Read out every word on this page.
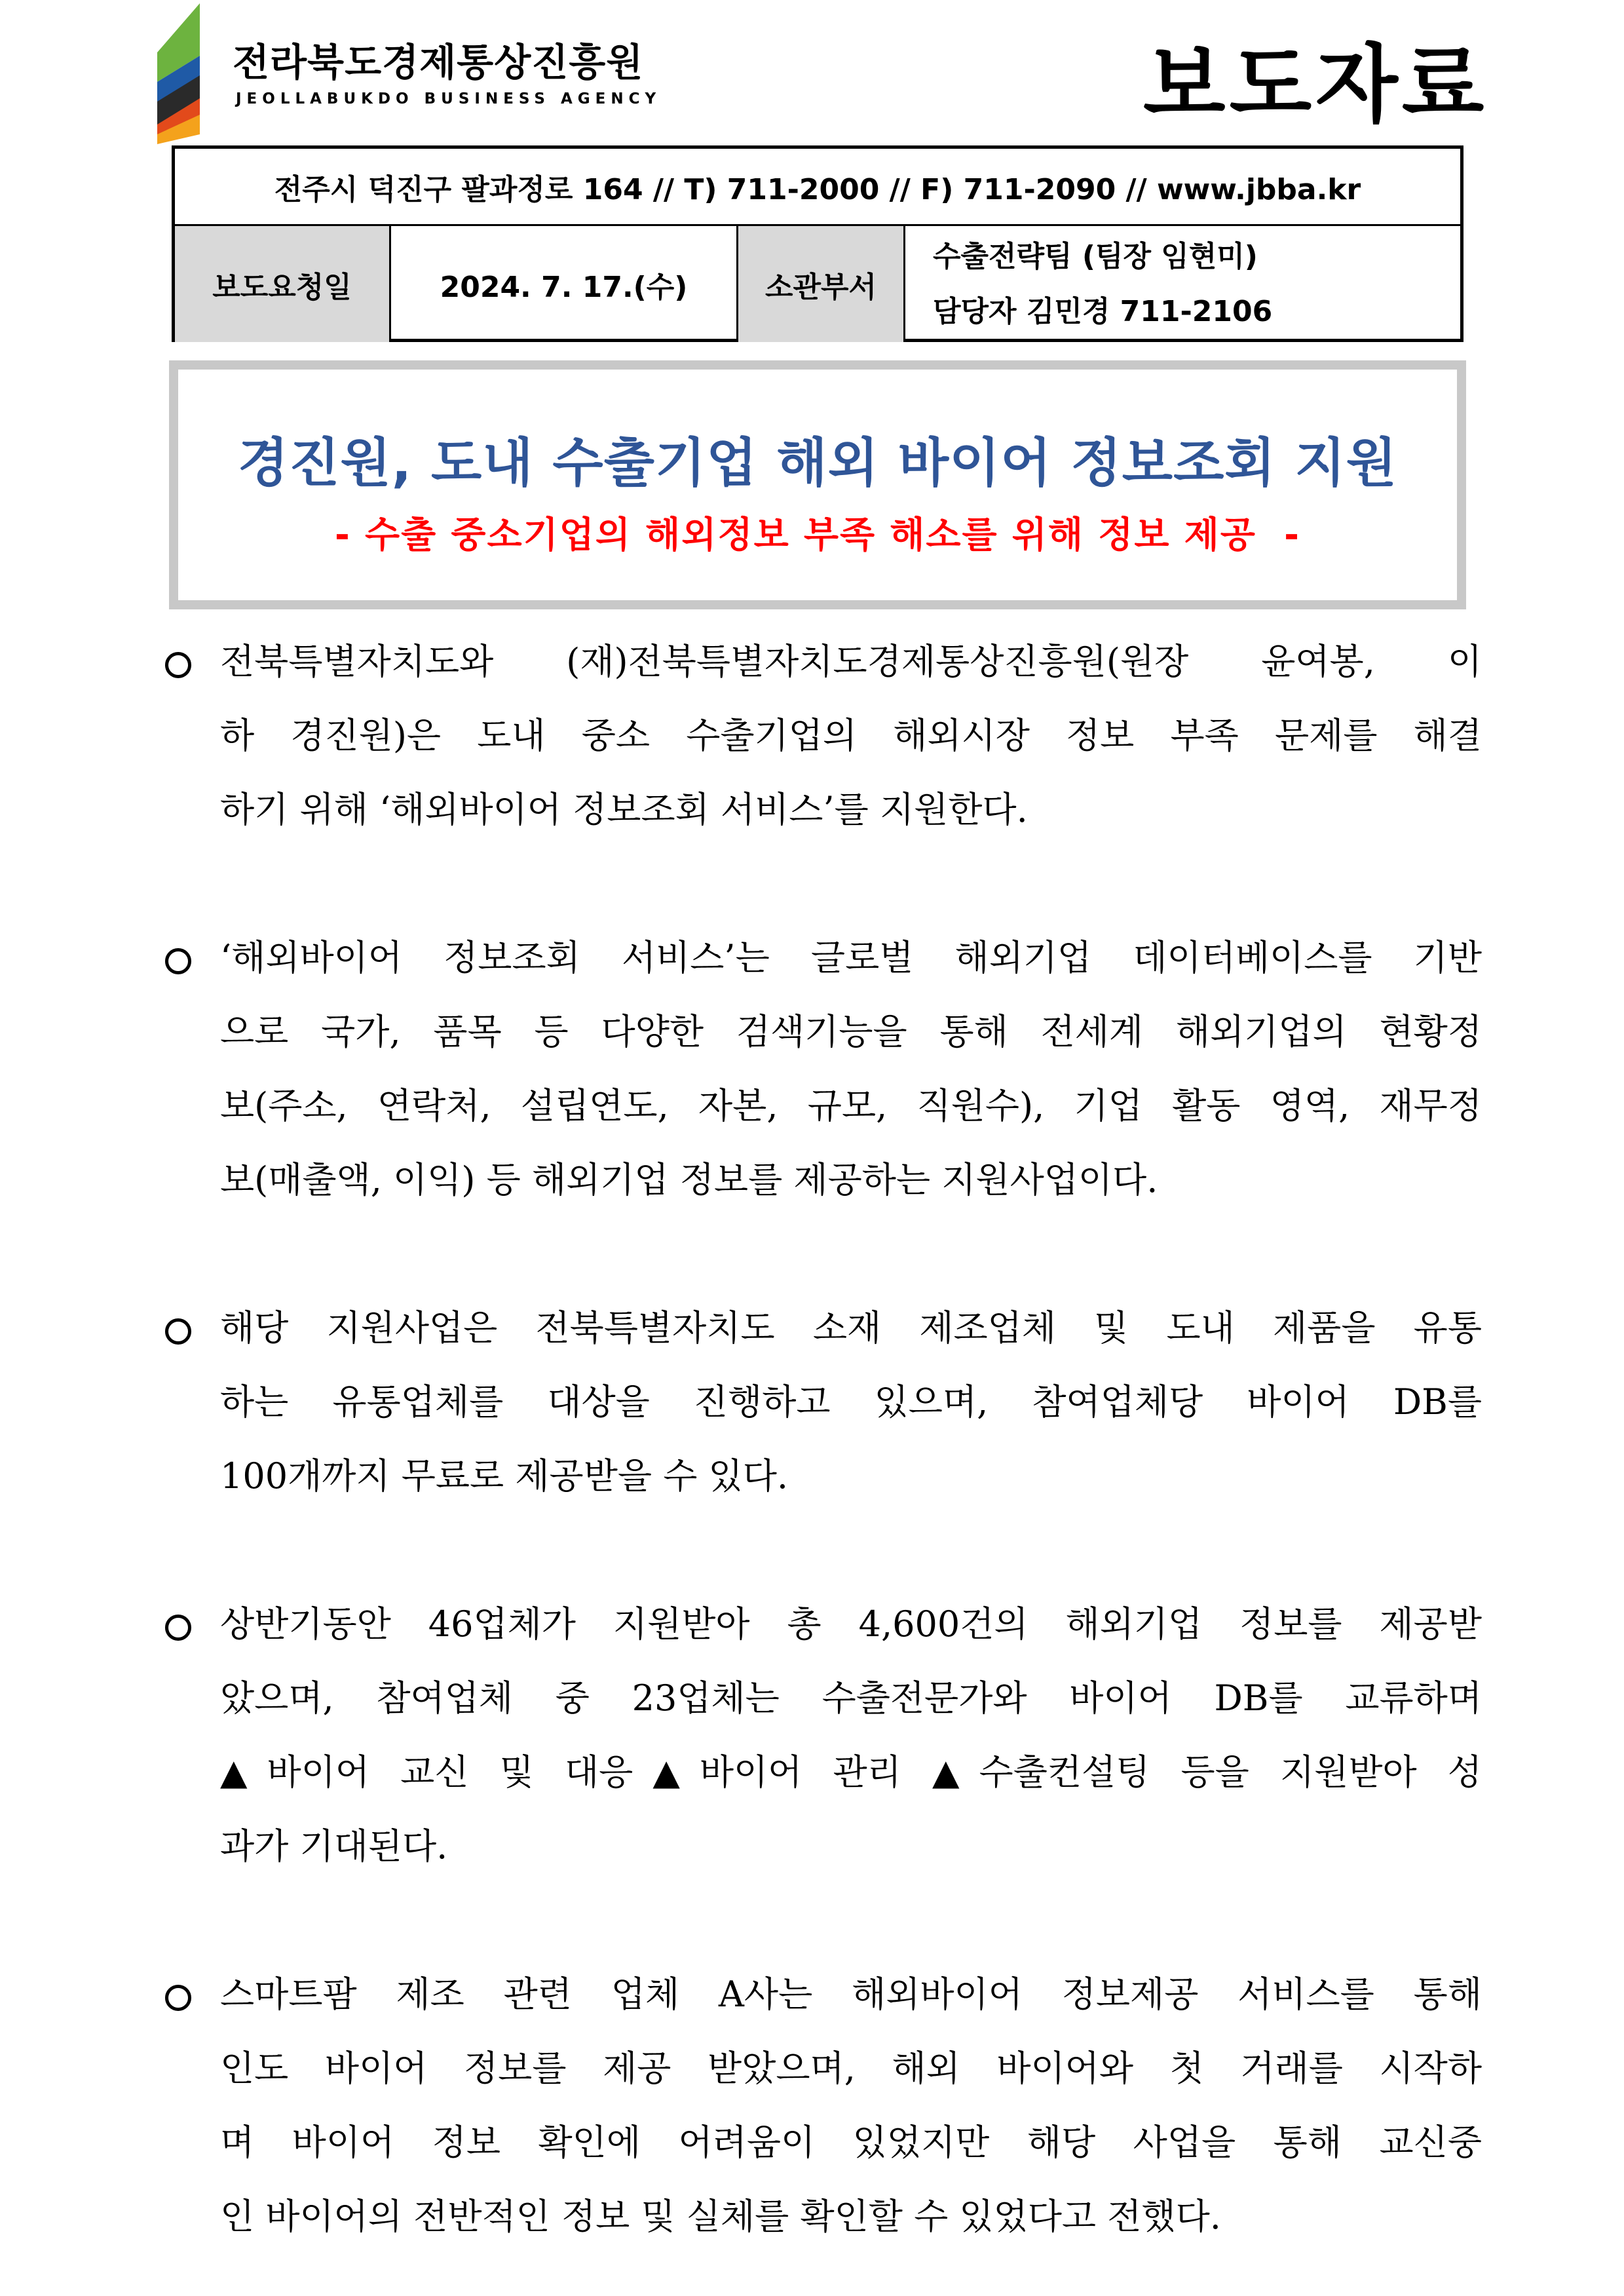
전라북도경제통상진흥원
JEOLLABUKDO BUSINESS AGENCY	보도자료
전주시 덕진구 팔과정로 164 // T) 711-2000 // F) 711-2090 // www.jbba.kr
보도요청일	2024. 7. 17.(수)	소관부서
수출전략팀 (팀장 임현미)
담당자 김민경 711-2106
경진원, 도내 수출기업 해외 바이어 정보조회 지원
- 수출 중소기업의 해외정보 부족 해소를 위해 정보 제공  -

전북특별자치도와 (재)전북특별자치도경제통상진흥원(원장 윤여봉, 이

하 경진원)은 도내 중소 수출기업의 해외시장 정보 부족 문제를 해결

하기 위해 ‘해외바이어 정보조회 서비스’를 지원한다.

‘해외바이어 정보조회 서비스’는 글로벌 해외기업 데이터베이스를 기반

으로 국가, 품목 등 다양한 검색기능을 통해 전세계 해외기업의 현황정

보(주소, 연락처, 설립연도, 자본, 규모, 직원수), 기업 활동 영역, 재무정

보(매출액, 이익) 등 해외기업 정보를 제공하는 지원사업이다.

해당 지원사업은 전북특별자치도 소재 제조업체 및 도내 제품을 유통

하는 유통업체를 대상을 진행하고 있으며, 참여업체당 바이어 DB를

100개까지 무료로 제공받을 수 있다.

상반기동안 46업체가 지원받아 총 4,600건의 해외기업 정보를 제공받

았으며, 참여업체 중 23업체는 수출전문가와 바이어 DB를 교류하며

▲바이어 교신 및 대응▲바이어 관리 ▲수출컨설팅 등을 지원받아 성

과가 기대된다.

스마트팜 제조 관련 업체 A사는 해외바이어 정보제공 서비스를 통해

인도 바이어 정보를 제공 받았으며, 해외 바이어와 첫 거래를 시작하

며 바이어 정보 확인에 어려움이 있었지만 해당 사업을 통해 교신중

인 바이어의 전반적인 정보 및 실체를 확인할 수 있었다고 전했다.
